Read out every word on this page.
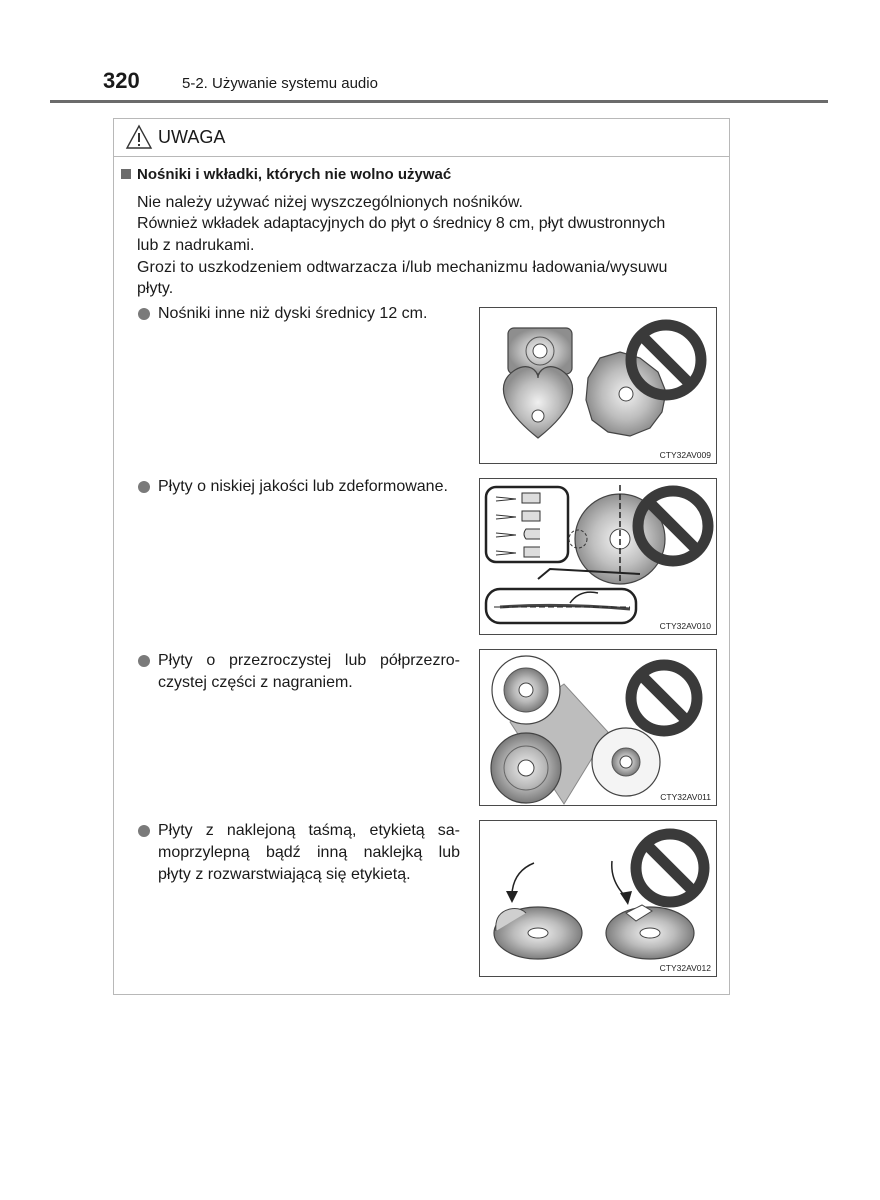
320	5-2. Używanie systemu audio
UWAGA
Nośniki i wkładki, których nie wolno używać
Nie należy używać niżej wyszczególnionych nośników.
Również wkładek adaptacyjnych do płyt o średnicy 8 cm, płyt dwustronnych
lub z nadrukami.
Grozi to uszkodzeniem odtwarzacza i/lub mechanizmu ładowania/wysuwu
płyty.
Nośniki inne niż dyski średnicy 12 cm.
CTY32AV009
Płyty o niskiej jakości lub zdeformowane.
CTY32AV010
Płyty o przezroczystej lub półprzezro-
czystej części z nagraniem.
CTY32AV011
Płyty z naklejoną taśmą, etykietą sa-
moprzylepną bądź inną naklejką lub
płyty z rozwarstwiającą się etykietą.
CTY32AV012
